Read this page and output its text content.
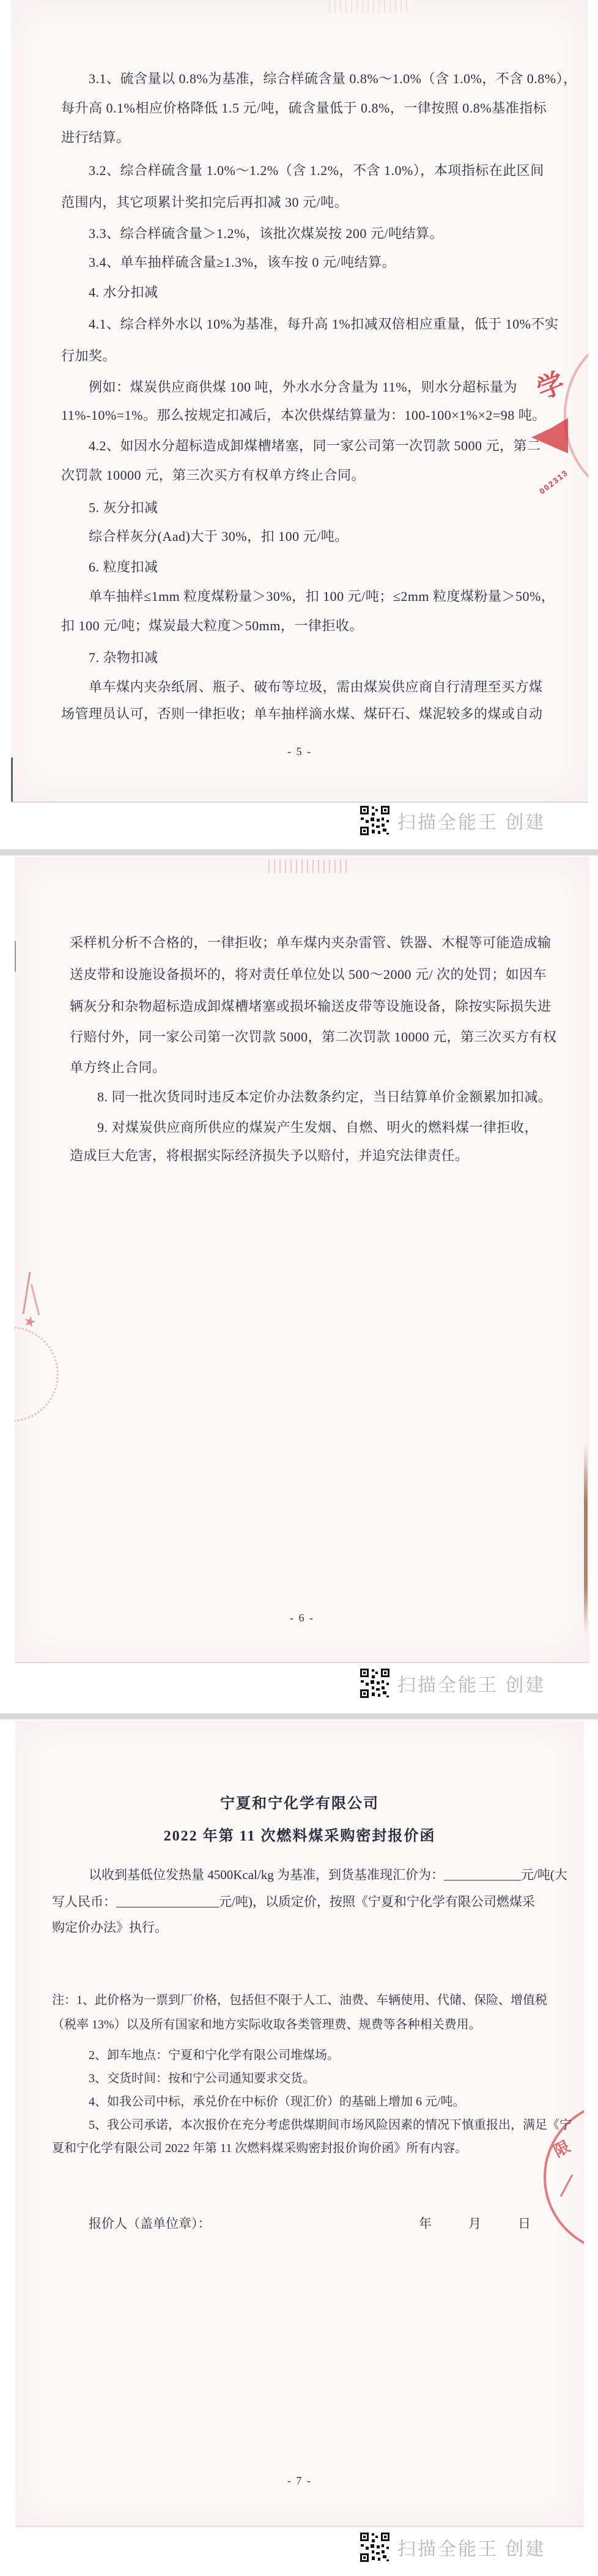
3.1、硫含量以 0.8%为基准，综合样硫含量 0.8%～1.0%（含 1.0%，不含 0.8%），
每升高 0.1%相应价格降低 1.5 元/吨，硫含量低于 0.8%，一律按照 0.8%基准指标
进行结算。
3.2、综合样硫含量 1.0%～1.2%（含 1.2%，不含 1.0%），本项指标在此区间
范围内，其它项累计奖扣完后再扣减 30 元/吨。
3.3、综合样硫含量＞1.2%，该批次煤炭按 200 元/吨结算。
3.4、单车抽样硫含量≥1.3%，该车按 0 元/吨结算。
4. 水分扣减
4.1、综合样外水以 10%为基准，每升高 1%扣减双倍相应重量，低于 10%不实
行加奖。
例如：煤炭供应商供煤 100 吨，外水水分含量为 11%，则水分超标量为
11%-10%=1%。那么按规定扣减后，本次供煤结算量为：100-100×1%×2=98 吨。
4.2、如因水分超标造成卸煤槽堵塞，同一家公司第一次罚款 5000 元，第二
次罚款 10000 元，第三次买方有权单方终止合同。
5. 灰分扣减
综合样灰分(Aad)大于 30%，扣 100 元/吨。
6. 粒度扣减
单车抽样≤1mm 粒度煤粉量＞30%，扣 100 元/吨；≤2mm 粒度煤粉量＞50%，
扣 100 元/吨；煤炭最大粒度＞50mm，一律拒收。
7. 杂物扣减
单车煤内夹杂纸屑、瓶子、破布等垃圾，需由煤炭供应商自行清理至买方煤
场管理员认可，否则一律拒收；单车抽样滴水煤、煤矸石、煤泥较多的煤或自动
学
002313
- 5 -
扫描全能王 创建
采样机分析不合格的，一律拒收；单车煤内夹杂雷管、铁器、木棍等可能造成输
送皮带和设施设备损坏的，将对责任单位处以 500～2000 元/ 次的处罚；如因车
辆灰分和杂物超标造成卸煤槽堵塞或损坏输送皮带等设施设备，除按实际损失进
行赔付外，同一家公司第一次罚款 5000，第二次罚款 10000 元，第三次买方有权
单方终止合同。
8. 同一批次货同时违反本定价办法数条约定，当日结算单价金额累加扣减。
9. 对煤炭供应商所供应的煤炭产生发烟、自燃、明火的燃料煤一律拒收，
造成巨大危害，将根据实际经济损失予以赔付，并追究法律责任。
★
- 6 -
扫描全能王 创建
宁夏和宁化学有限公司
2022 年第 11 次燃料煤采购密封报价函
以收到基低位发热量 4500Kcal/kg 为基准，到货基准现汇价为：____________元/吨(大
写人民币：________________元/吨)，以质定价，按照《宁夏和宁化学有限公司燃煤采
购定价办法》执行。
注：1、此价格为一票到厂价格，包括但不限于人工、油费、车辆使用、代储、保险、增值税
（税率 13%）以及所有国家和地方实际收取各类管理费、规费等各种相关费用。
2、卸车地点：宁夏和宁化学有限公司堆煤场。
3、交货时间：按和宁公司通知要求交货。
4、如我公司中标，承兑价在中标价（现汇价）的基础上增加 6 元/吨。
5、我公司承诺，本次报价在充分考虑供煤期间市场风险因素的情况下慎重报出，满足《宁
夏和宁化学有限公司 2022 年第 11 次燃料煤采购密封报价询价函》所有内容。
报价人（盖单位章）：	年　　月　　日
限
- 7 -
扫描全能王 创建
